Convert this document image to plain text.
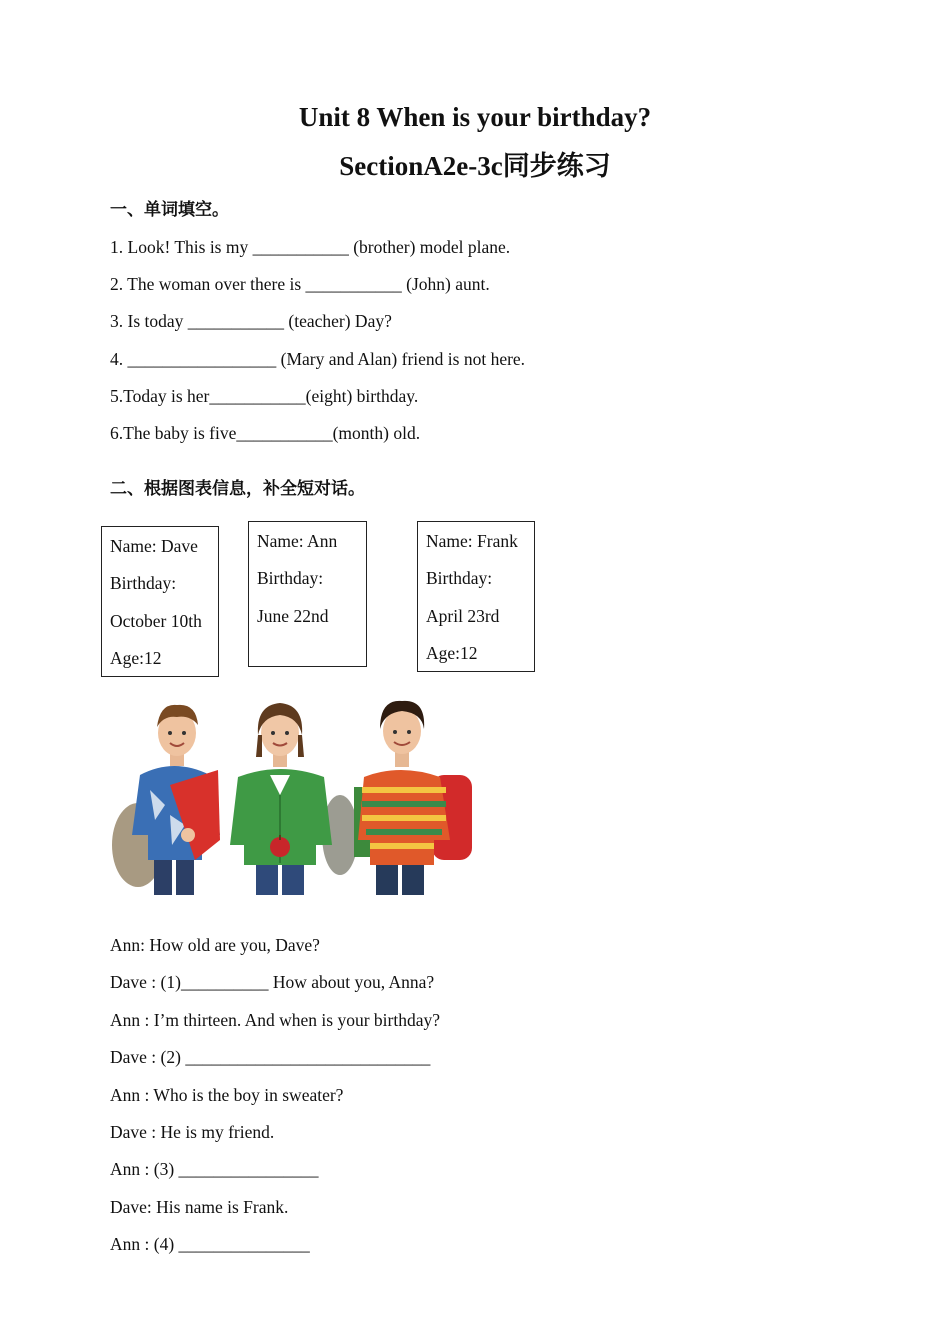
Unit 8 When is your birthday?
SectionA2e-3c同步练习
一、单词填空。
1. Look! This is my ___________ (brother) model plane.
2. The woman over there is ___________ (John) aunt.
3. Is today ___________ (teacher) Day?
4. _________________ (Mary and Alan) friend is not here.
5.Today is her___________(eight) birthday.
6.The baby is five___________(month) old.
二、根据图表信息，补全短对话。
Name: Dave
Birthday:
October 10th
Age:12
Name: Ann
Birthday:
June 22nd
Name: Frank
Birthday:
April 23rd
Age:12
Ann: How old are you, Dave?
Dave : (1)__________ How about you, Anna?
Ann : I’m thirteen. And when is your birthday?
Dave : (2) ____________________________
Ann : Who is the boy in sweater?
Dave : He is my friend.
Ann : (3) ________________
Dave: His name is Frank.
Ann : (4) _______________
